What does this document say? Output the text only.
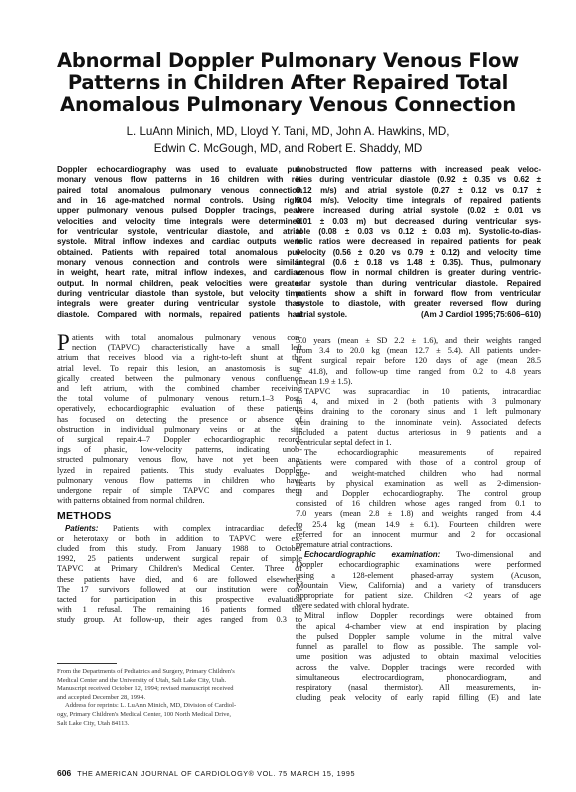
Abnormal Doppler Pulmonary Venous Flow
Patterns in Children After Repaired Total
Anomalous Pulmonary Venous Connection
L. LuAnn Minich, MD, Lloyd Y. Tani, MD, John A. Hawkins, MD,
Edwin C. McGough, MD, and Robert E. Shaddy, MD
Doppler echocardiography was used to evaluate pul-
monary venous flow patterns in 16 children with re-
paired total anomalous pulmonary venous connection
and in 16 age-matched normal controls. Using right
upper pulmonary venous pulsed Doppler tracings, peak
velocities and velocity time integrals were determined
for ventricular systole, ventricular diastole, and atrial
systole. Mitral inflow indexes and cardiac outputs were
obtained. Patients with repaired total anomalous pul-
monary venous connection and controls were similar
in weight, heart rate, mitral inflow indexes, and cardiac
output. In normal children, peak velocities were greater
during ventricular diastole than systole, but velocity time
integrals were greater during ventricular systole than
diastole. Compared with normals, repaired patients had
unobstructed flow patterns with increased peak veloc-
ities during ventricular diastole (0.92 ± 0.35 vs 0.62 ±
0.12 m/s) and atrial systole (0.27 ± 0.12 vs 0.17 ±
0.04 m/s). Velocity time integrals of repaired patients
were increased during atrial systole (0.02 ± 0.01 vs
0.01 ± 0.03 m) but decreased during ventricular sys-
tole (0.08 ± 0.03 vs 0.12 ± 0.03 m). Systolic-to-dias-
tolic ratios were decreased in repaired patients for peak
velocity (0.56 ± 0.20 vs 0.79 ± 0.12) and velocity time
integral (0.6 ± 0.18 vs 1.48 ± 0.35). Thus, pulmonary
venous flow in normal children is greater during ventric-
ular systole than during ventricular diastole. Repaired
patients show a shift in forward flow from ventricular
systole to diastole, with greater reversed flow during
atrial systole.	(Am J Cardiol 1995;75:606–610)
P atients with total anomalous pulmonary venous con-
nection (TAPVC) characteristically have a small left
atrium that receives blood via a right-to-left shunt at the
atrial level. To repair this lesion, an anastomosis is sur-
gically created between the pulmonary venous confluence
and left atrium, with the combined chamber receiving
the total volume of pulmonary venous return.1–3 Post-
operatively, echocardiographic evaluation of these patients
has focused on detecting the presence or absence of
obstruction in individual pulmonary veins or at the site
of surgical repair.4–7 Doppler echocardiographic record-
ings of phasic, low-velocity patterns, indicating unob-
structed pulmonary venous flow, have not yet been ana-
lyzed in repaired patients. This study evaluates Doppler
pulmonary venous flow patterns in children who have
undergone repair of simple TAPVC and compares them
with patterns obtained from normal children.
METHODS
Patients: Patients with complex intracardiac defects
or heterotaxy or both in addition to TAPVC were ex-
cluded from this study. From January 1988 to October
1992, 25 patients underwent surgical repair of simple
TAPVC at Primary Children's Medical Center. Three of
these patients have died, and 6 are followed elsewhere.
The 17 survivors followed at our institution were con-
tacted for participation in this prospective evaluation
with 1 refusal. The remaining 16 patients formed the
study group. At follow-up, their ages ranged from 0.3 to
5.0 years (mean ± SD 2.2 ± 1.6), and their weights ranged
from 3.4 to 20.0 kg (mean 12.7 ± 5.4). All patients under-
went surgical repair before 120 days of age (mean 28.5
± 41.8), and follow-up time ranged from 0.2 to 4.8 years
(mean 1.9 ± 1.5).
TAPVC was supracardiac in 10 patients, intracardiac
in 4, and mixed in 2 (both patients with 3 pulmonary
veins draining to the coronary sinus and 1 left pulmonary
vein draining to the innominate vein). Associated defects
included a patent ductus arteriosus in 9 patients and a
ventricular septal defect in 1.
The echocardiographic measurements of repaired
patients were compared with those of a control group of
age- and weight-matched children who had normal
hearts by physical examination as well as 2-dimension-
al and Doppler echocardiography. The control group
consisted of 16 children whose ages ranged from 0.1 to
7.0 years (mean 2.8 ± 1.8) and weights ranged from 4.4
to 25.4 kg (mean 14.9 ± 6.1). Fourteen children were
referred for an innocent murmur and 2 for occasional
premature atrial contractions.
Echocardiographic examination: Two-dimensional and
Doppler echocardiographic examinations were performed
using a 128-element phased-array system (Acuson,
Mountain View, California) and a variety of transducers
appropriate for patient size. Children <2 years of age
were sedated with chloral hydrate.
Mitral inflow Doppler recordings were obtained from
the apical 4-chamber view at end inspiration by placing
the pulsed Doppler sample volume in the mitral valve
funnel as parallel to flow as possible. The sample vol-
ume position was adjusted to obtain maximal velocities
across the valve. Doppler tracings were recorded with
simultaneous electrocardiogram, phonocardiogram, and
respiratory (nasal thermistor). All measurements, in-
cluding peak velocity of early rapid filling (E) and late
From the Departments of Pediatrics and Surgery, Primary Children's
Medical Center and the University of Utah, Salt Lake City, Utah.
Manuscript received October 12, 1994; revised manuscript received
and accepted December 28, 1994.
Address for reprints: L. LuAnn Minich, MD, Division of Cardiol-
ogy, Primary Children's Medical Center, 100 North Medical Drive,
Salt Lake City, Utah 84113.
606 THE AMERICAN JOURNAL OF CARDIOLOGY® VOL. 75 MARCH 15, 1995
